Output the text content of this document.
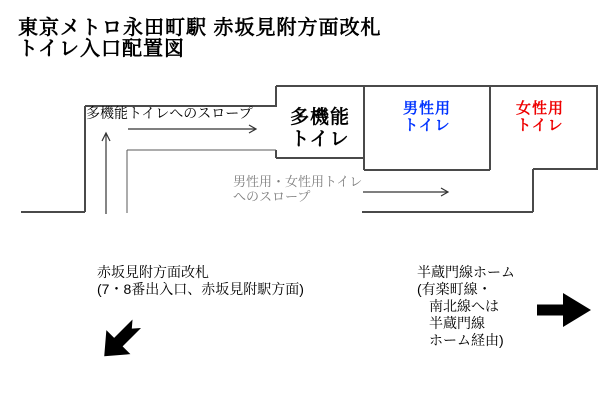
東京メトロ永田町駅 赤坂見附方面改札
トイレ入口配置図
多機能トイレへのスロープ	多機能
トイレ
男性用
トイレ
女性用
トイレ
男性用・女性用トイレ
へのスロープ
赤坂見附方面改札
(7・8番出入口、赤坂見附駅方面)
半蔵門線ホーム
(有楽町線・
南北線へは
半蔵門線
ホーム経由)
